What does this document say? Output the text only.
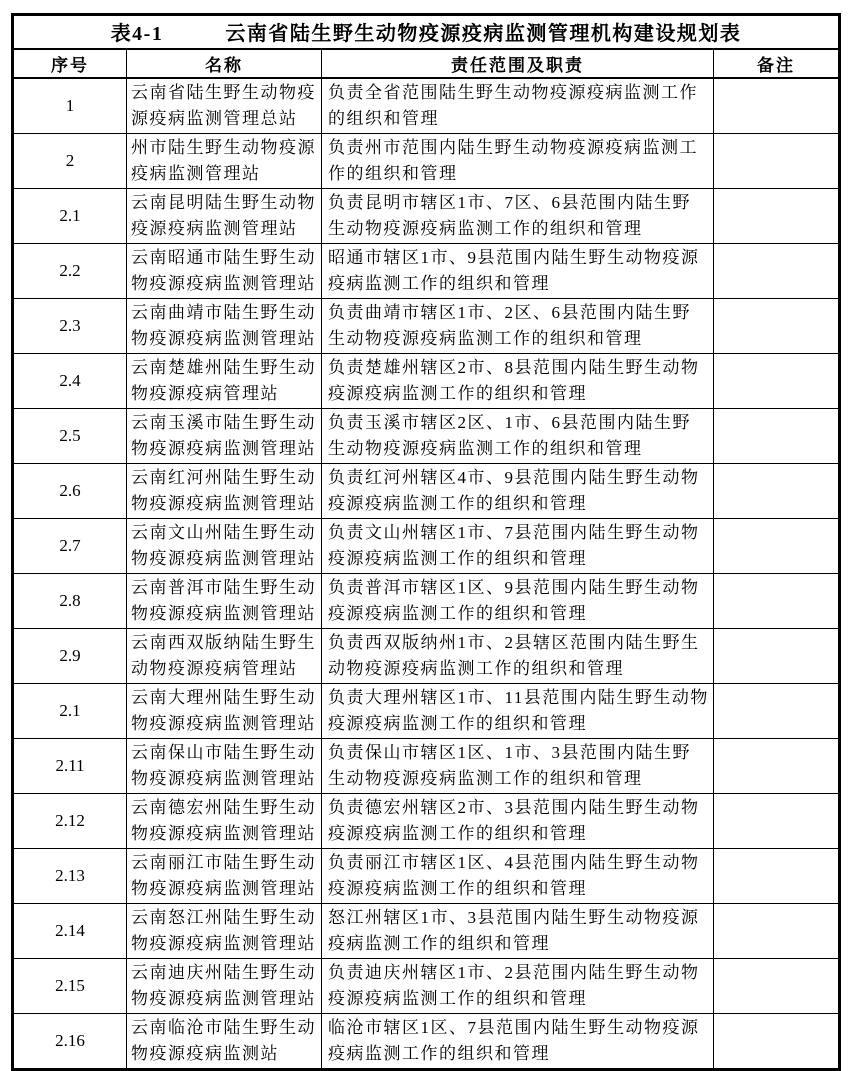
表4-1 云南省陆生野生动物疫源疫病监测管理机构建设规划表			
序号	名称	责任范围及职责	备注
1	云南省陆生野生动物疫源疫病监测管理总站	负责全省范围陆生野生动物疫源疫病监测工作的组织和管理	
2	州市陆生野生动物疫源疫病监测管理站	负责州市范围内陆生野生动物疫源疫病监测工作的组织和管理	
2.1	云南昆明陆生野生动物疫源疫病监测管理站	负责昆明市辖区1市、7区、6县范围内陆生野生动物疫源疫病监测工作的组织和管理	
2.2	云南昭通市陆生野生动物疫源疫病监测管理站	昭通市辖区1市、9县范围内陆生野生动物疫源疫病监测工作的组织和管理	
2.3	云南曲靖市陆生野生动物疫源疫病监测管理站	负责曲靖市辖区1市、2区、6县范围内陆生野生动物疫源疫病监测工作的组织和管理	
2.4	云南楚雄州陆生野生动物疫源疫病管理站	负责楚雄州辖区2市、8县范围内陆生野生动物疫源疫病监测工作的组织和管理	
2.5	云南玉溪市陆生野生动物疫源疫病监测管理站	负责玉溪市辖区2区、1市、6县范围内陆生野生动物疫源疫病监测工作的组织和管理	
2.6	云南红河州陆生野生动物疫源疫病监测管理站	负责红河州辖区4市、9县范围内陆生野生动物疫源疫病监测工作的组织和管理	
2.7	云南文山州陆生野生动物疫源疫病监测管理站	负责文山州辖区1市、7县范围内陆生野生动物疫源疫病监测工作的组织和管理	
2.8	云南普洱市陆生野生动物疫源疫病监测管理站	负责普洱市辖区1区、9县范围内陆生野生动物疫源疫病监测工作的组织和管理	
2.9	云南西双版纳陆生野生动物疫源疫病管理站	负责西双版纳州1市、2县辖区范围内陆生野生动物疫源疫病监测工作的组织和管理	
2.1	云南大理州陆生野生动物疫源疫病监测管理站	负责大理州辖区1市、11县范围内陆生野生动物疫源疫病监测工作的组织和管理	
2.11	云南保山市陆生野生动物疫源疫病监测管理站	负责保山市辖区1区、1市、3县范围内陆生野生动物疫源疫病监测工作的组织和管理	
2.12	云南德宏州陆生野生动物疫源疫病监测管理站	负责德宏州辖区2市、3县范围内陆生野生动物疫源疫病监测工作的组织和管理	
2.13	云南丽江市陆生野生动物疫源疫病监测管理站	负责丽江市辖区1区、4县范围内陆生野生动物疫源疫病监测工作的组织和管理	
2.14	云南怒江州陆生野生动物疫源疫病监测管理站	怒江州辖区1市、3县范围内陆生野生动物疫源疫病监测工作的组织和管理	
2.15	云南迪庆州陆生野生动物疫源疫病监测管理站	负责迪庆州辖区1市、2县范围内陆生野生动物疫源疫病监测工作的组织和管理	
2.16	云南临沧市陆生野生动物疫源疫病监测站	临沧市辖区1区、7县范围内陆生野生动物疫源疫病监测工作的组织和管理	
